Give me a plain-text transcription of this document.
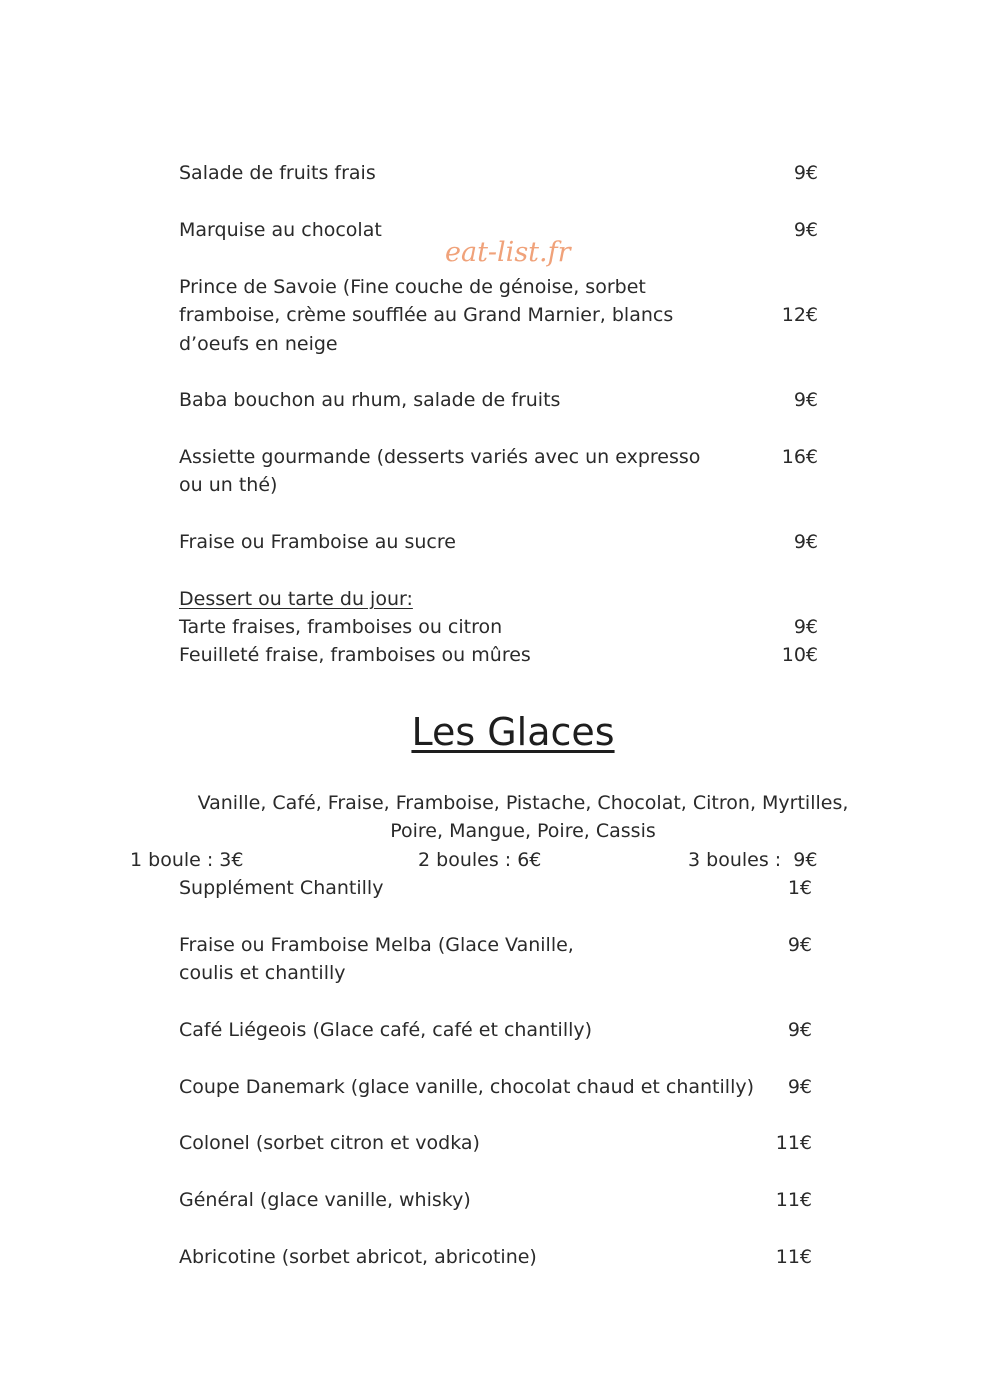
eat-list.fr
Salade de fruits frais	9€
Marquise au chocolat	9€
Prince de Savoie (Fine couche de génoise, sorbet
framboise, crème soufflée au Grand Marnier, blancs
d’oeufs en neige
12€
Baba bouchon au rhum, salade de fruits	9€
Assiette gourmande (desserts variés avec un expresso
ou un thé)
16€
Fraise ou Framboise au sucre	9€
Dessert ou tarte du jour:
Tarte fraises, framboises ou citron	9€
Feuilleté fraise, framboises ou mûres	10€
Les Glaces
Vanille, Café, Fraise, Framboise, Pistache, Chocolat, Citron, Myrtilles,
Poire, Mangue, Poire, Cassis
1 boule : 3€	2 boules : 6€	3 boules :  9€
Supplément Chantilly	1€
Fraise ou Framboise Melba (Glace Vanille,
coulis et chantilly
9€
Café Liégeois (Glace café, café et chantilly)	9€
Coupe Danemark (glace vanille, chocolat chaud et chantilly) 9€
Colonel (sorbet citron et vodka)	11€
Général (glace vanille, whisky)	11€
Abricotine (sorbet abricot, abricotine)	11€
